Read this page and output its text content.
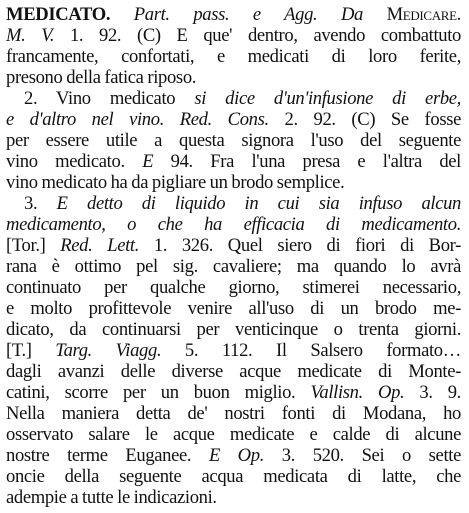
MEDICATO. Part. pass. e Agg. Da Medicare.
M. V. 1. 92. (C) E que' dentro, avendo combattuto
francamente, confortati, e medicati di loro ferite,
presono della fatica riposo.
2. Vino medicato si dice d'un'infusione di erbe,
e d'altro nel vino. Red. Cons. 2. 92. (C) Se fosse
per essere utile a questa signora l'uso del seguente
vino medicato. E 94. Fra l'una presa e l'altra del
vino medicato ha da pigliare un brodo semplice.
3. E detto di liquido in cui sia infuso alcun
medicamento, o che ha efficacia di medicamento.
[Tor.] Red. Lett. 1. 326. Quel siero di fiori di Bor-
rana è ottimo pel sig. cavaliere; ma quando lo avrà
continuato per qualche giorno, stimerei necessario,
e molto profittevole venire all'uso di un brodo me-
dicato, da continuarsi per venticinque o trenta giorni.
[T.] Targ. Viagg. 5. 112. Il Salsero formato…
dagli avanzi delle diverse acque medicate di Monte-
catini, scorre per un buon miglio. Vallisn. Op. 3. 9.
Nella maniera detta de' nostri fonti di Modana, ho
osservato salare le acque medicate e calde di alcune
nostre terme Euganee. E Op. 3. 520. Sei o sette
oncie della seguente acqua medicata di latte, che
adempie a tutte le indicazioni.
